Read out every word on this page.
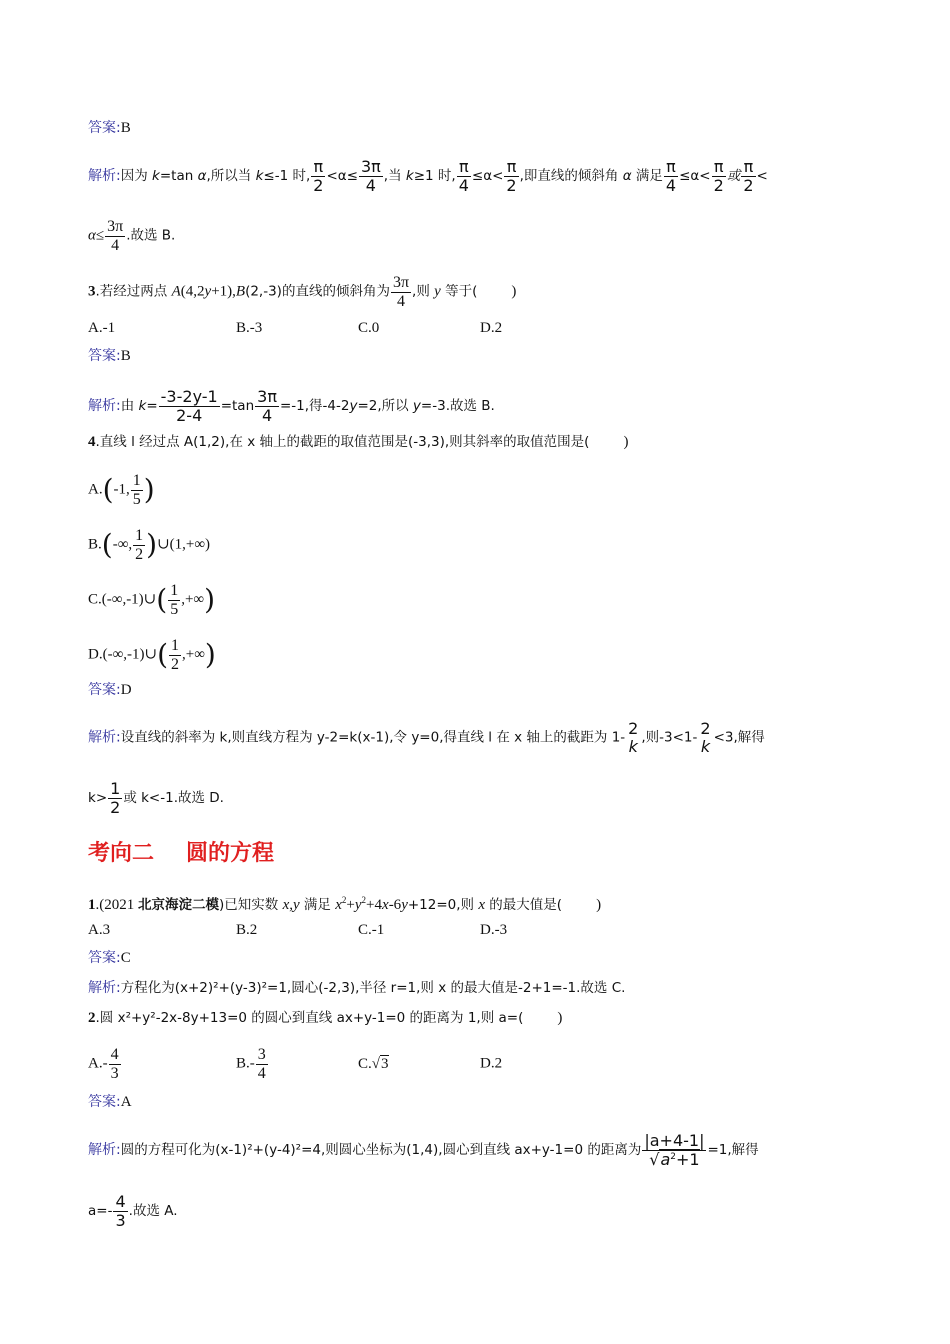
答案:B
解析:因为 k=tan α,所以当 k≤-1 时, $\frac{\pi}{2} <\alpha\le \frac{3\pi}{4}$ ,当 k≥1 时, $\frac{\pi}{4} \le\alpha< \frac{\pi}{2}$ ,即直线的倾斜角 α 满足 $\frac{\pi}{4} \le\alpha< \frac{\pi}{2}$ 或 $\frac{\pi}{2}$ <
$\alpha\le \frac{3\pi}{4}$ .故选 B.
3.若经过两点 A(4,2y+1),B(2,-3)的直线的倾斜角为 $\frac{3\pi}{4}$ ,则 y 等于( )
A.-1	B.-3	C.0	D.2
答案:B
解析:由 $k= \frac{-3-2y-1}{2-4} =\tan \frac{3\pi}{4} =-1$,得-4-2y=2,所以 y=-3.故选 B.
4.直线 l 经过点 A(1,2),在 x 轴上的截距的取值范围是(-3,3),则其斜率的取值范围是( )
A.(-1, $\frac{1}{5}$ )
B.(-∞, $\frac{1}{2}$ )∪(1,+∞)
C.(-∞,-1)∪( $\frac{1}{5}$ ,+∞)
D.(-∞,-1)∪( $\frac{1}{2}$ ,+∞)
答案:D
解析:设直线的斜率为 k,则直线方程为 y-2=k(x-1),令 y=0,得直线 l 在 x 轴上的截距为 1- 2
k ,则-3<1- 2
k <3,解得
$k> \frac{1}{2}$ 或 k<-1.故选 D.
考向二 圆的方程
1.(2021 北京海淀二模)已知实数 x,y 满足 $x^2+y^2+4x-6y+12=0$,则 x 的最大值是( )
A.3	B.2	C.-1	D.-3
答案:C
解析:方程化为(x+2)²+(y-3)²=1,圆心(-2,3),半径 r=1,则 x 的最大值是-2+1=-1.故选 C.
2.圆 x²+y²-2x-8y+13=0 的圆心到直线 ax+y-1=0 的距离为 1,则 a=( )
$A.- \frac{4}{3}$	$B.- \frac{3}{4}$	C.√3	D.2
答案:A
解析:圆的方程可化为(x-1)²+(y-4)²=4,则圆心坐标为(1,4),圆心到直线 ax+y-1=0 的距离为 $\frac{|a+4-1|}{√a^2+1} =1$,解得
$a=- \frac{4}{3}$ .故选 A.
